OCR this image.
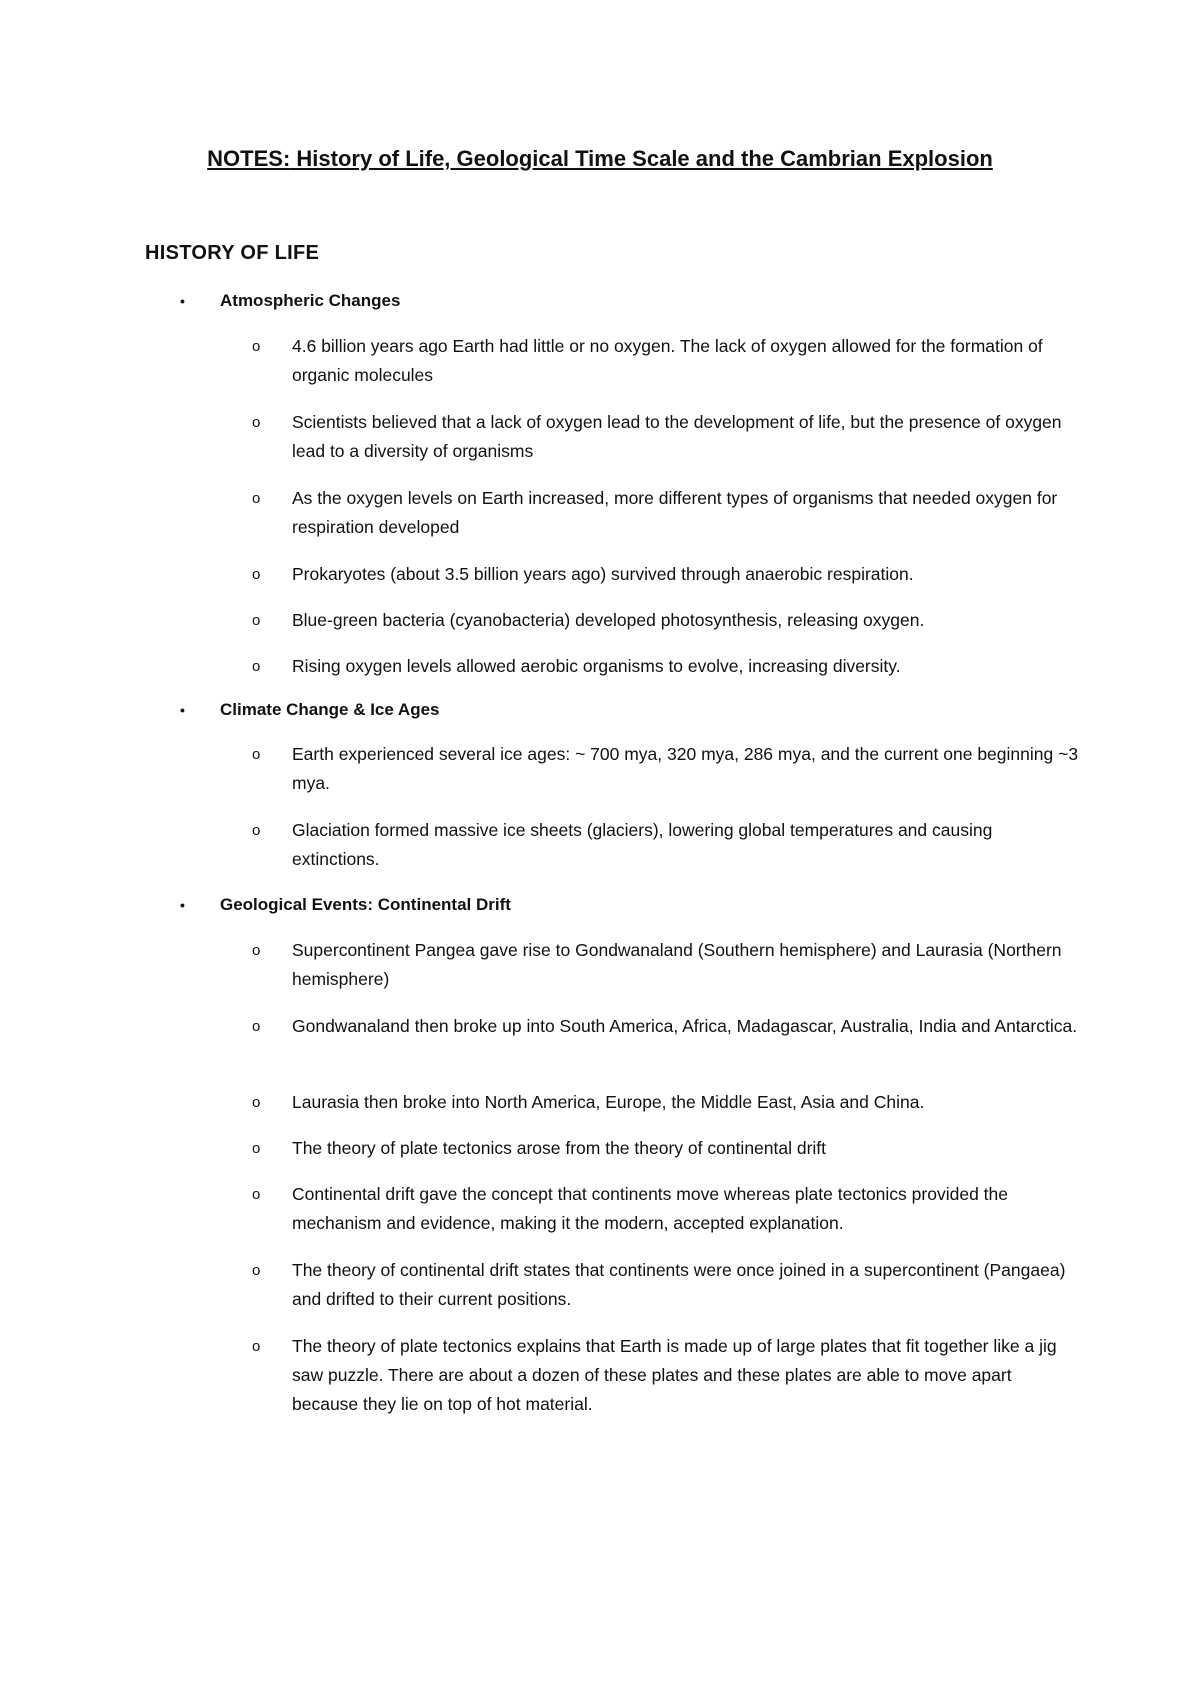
NOTES: History of Life, Geological Time Scale and the Cambrian Explosion
HISTORY OF LIFE

•	Atmospheric Changes

o	4.6 billion years ago Earth had little or no oxygen. The lack of oxygen allowed for the formation of organic molecules
o	Scientists believed that a lack of oxygen lead to the development of life, but the presence of oxygen lead to a diversity of organisms
o	As the oxygen levels on Earth increased, more different types of organisms that needed oxygen for respiration developed
o	Prokaryotes (about 3.5 billion years ago) survived through anaerobic respiration.
o	Blue-green bacteria (cyanobacteria) developed photosynthesis, releasing oxygen.
o	Rising oxygen levels allowed aerobic organisms to evolve, increasing diversity.

•	Climate Change & Ice Ages

o	Earth experienced several ice ages: ~ 700 mya, 320 mya, 286 mya, and the current one beginning ~3 mya.
o	Glaciation formed massive ice sheets (glaciers), lowering global temperatures and causing extinctions.

•	Geological Events: Continental Drift

o	Supercontinent Pangea gave rise to Gondwanaland (Southern hemisphere) and Laurasia (Northern hemisphere)
o	Gondwanaland then broke up into South America, Africa, Madagascar, Australia, India and Antarctica.
o	Laurasia then broke into North America, Europe, the Middle East, Asia and China.
o	The theory of plate tectonics arose from the theory of continental drift
o	Continental drift gave the concept that continents move whereas plate tectonics provided the mechanism and evidence, making it the modern, accepted explanation.
o	The theory of continental drift states that continents were once joined in a supercontinent (Pangaea) and drifted to their current positions.
o	The theory of plate tectonics explains that Earth is made up of large plates that fit together like a jig saw puzzle. There are about a dozen of these plates and these plates are able to move apart because they lie on top of hot material.
